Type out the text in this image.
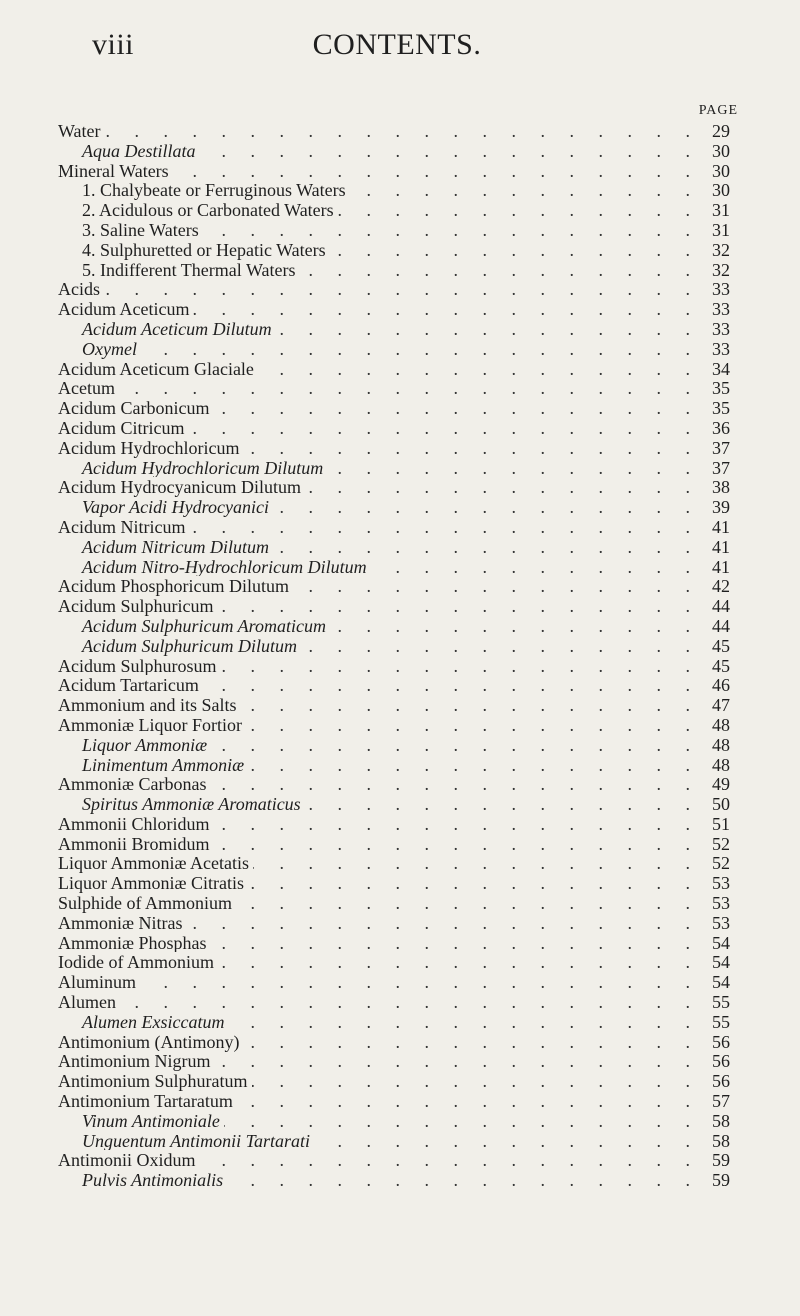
viii	CONTENTS.
PAGE
. . .
Water	29
. . .
Aqua Destillata	30
. . .
Mineral Waters	30
. . .
1. Chalybeate or Ferruginous Waters	30
. . .
2. Acidulous or Carbonated Waters	31
. . .
3. Saline Waters	31
. . .
4. Sulphuretted or Hepatic Waters	32
. . .
5. Indifferent Thermal Waters	32
. . .
Acids	33
. . .
Acidum Aceticum	33
. . .
Acidum Aceticum Dilutum	33
. . .
Oxymel	33
. . .
Acidum Aceticum Glaciale	34
. . .
Acetum	35
. . .
Acidum Carbonicum	35
. . .
Acidum Citricum	36
. . .
Acidum Hydrochloricum	37
. . .
Acidum Hydrochloricum Dilutum	37
. . .
Acidum Hydrocyanicum Dilutum	38
. . .
Vapor Acidi Hydrocyanici	39
. . .
Acidum Nitricum	41
. . .
Acidum Nitricum Dilutum	41
. . .
Acidum Nitro-Hydrochloricum Dilutum	41
. . .
Acidum Phosphoricum Dilutum	42
. . .
Acidum Sulphuricum	44
. . .
Acidum Sulphuricum Aromaticum	44
. . .
Acidum Sulphuricum Dilutum	45
. . .
Acidum Sulphurosum	45
. . .
Acidum Tartaricum	46
. . .
Ammonium and its Salts	47
. . .
Ammoniæ Liquor Fortior	48
. . .
Liquor Ammoniæ	48
. . .
Linimentum Ammoniæ	48
. . .
Ammoniæ Carbonas	49
. . .
Spiritus Ammoniæ Aromaticus	50
. . .
Ammonii Chloridum	51
. . .
Ammonii Bromidum	52
. . .
Liquor Ammoniæ Acetatis	52
. . .
Liquor Ammoniæ Citratis	53
. . .
Sulphide of Ammonium	53
. . .
Ammoniæ Nitras	53
. . .
Ammoniæ Phosphas	54
. . .
Iodide of Ammonium	54
. . .
Aluminum	54
. . .
Alumen	55
. . .
Alumen Exsiccatum	55
. . .
Antimonium (Antimony)	56
. . .
Antimonium Nigrum	56
. . .
Antimonium Sulphuratum	56
. . .
Antimonium Tartaratum	57
. . .
Vinum Antimoniale	58
. . .
Unguentum Antimonii Tartarati	58
. . .
Antimonii Oxidum	59
. . .
Pulvis Antimonialis	59
